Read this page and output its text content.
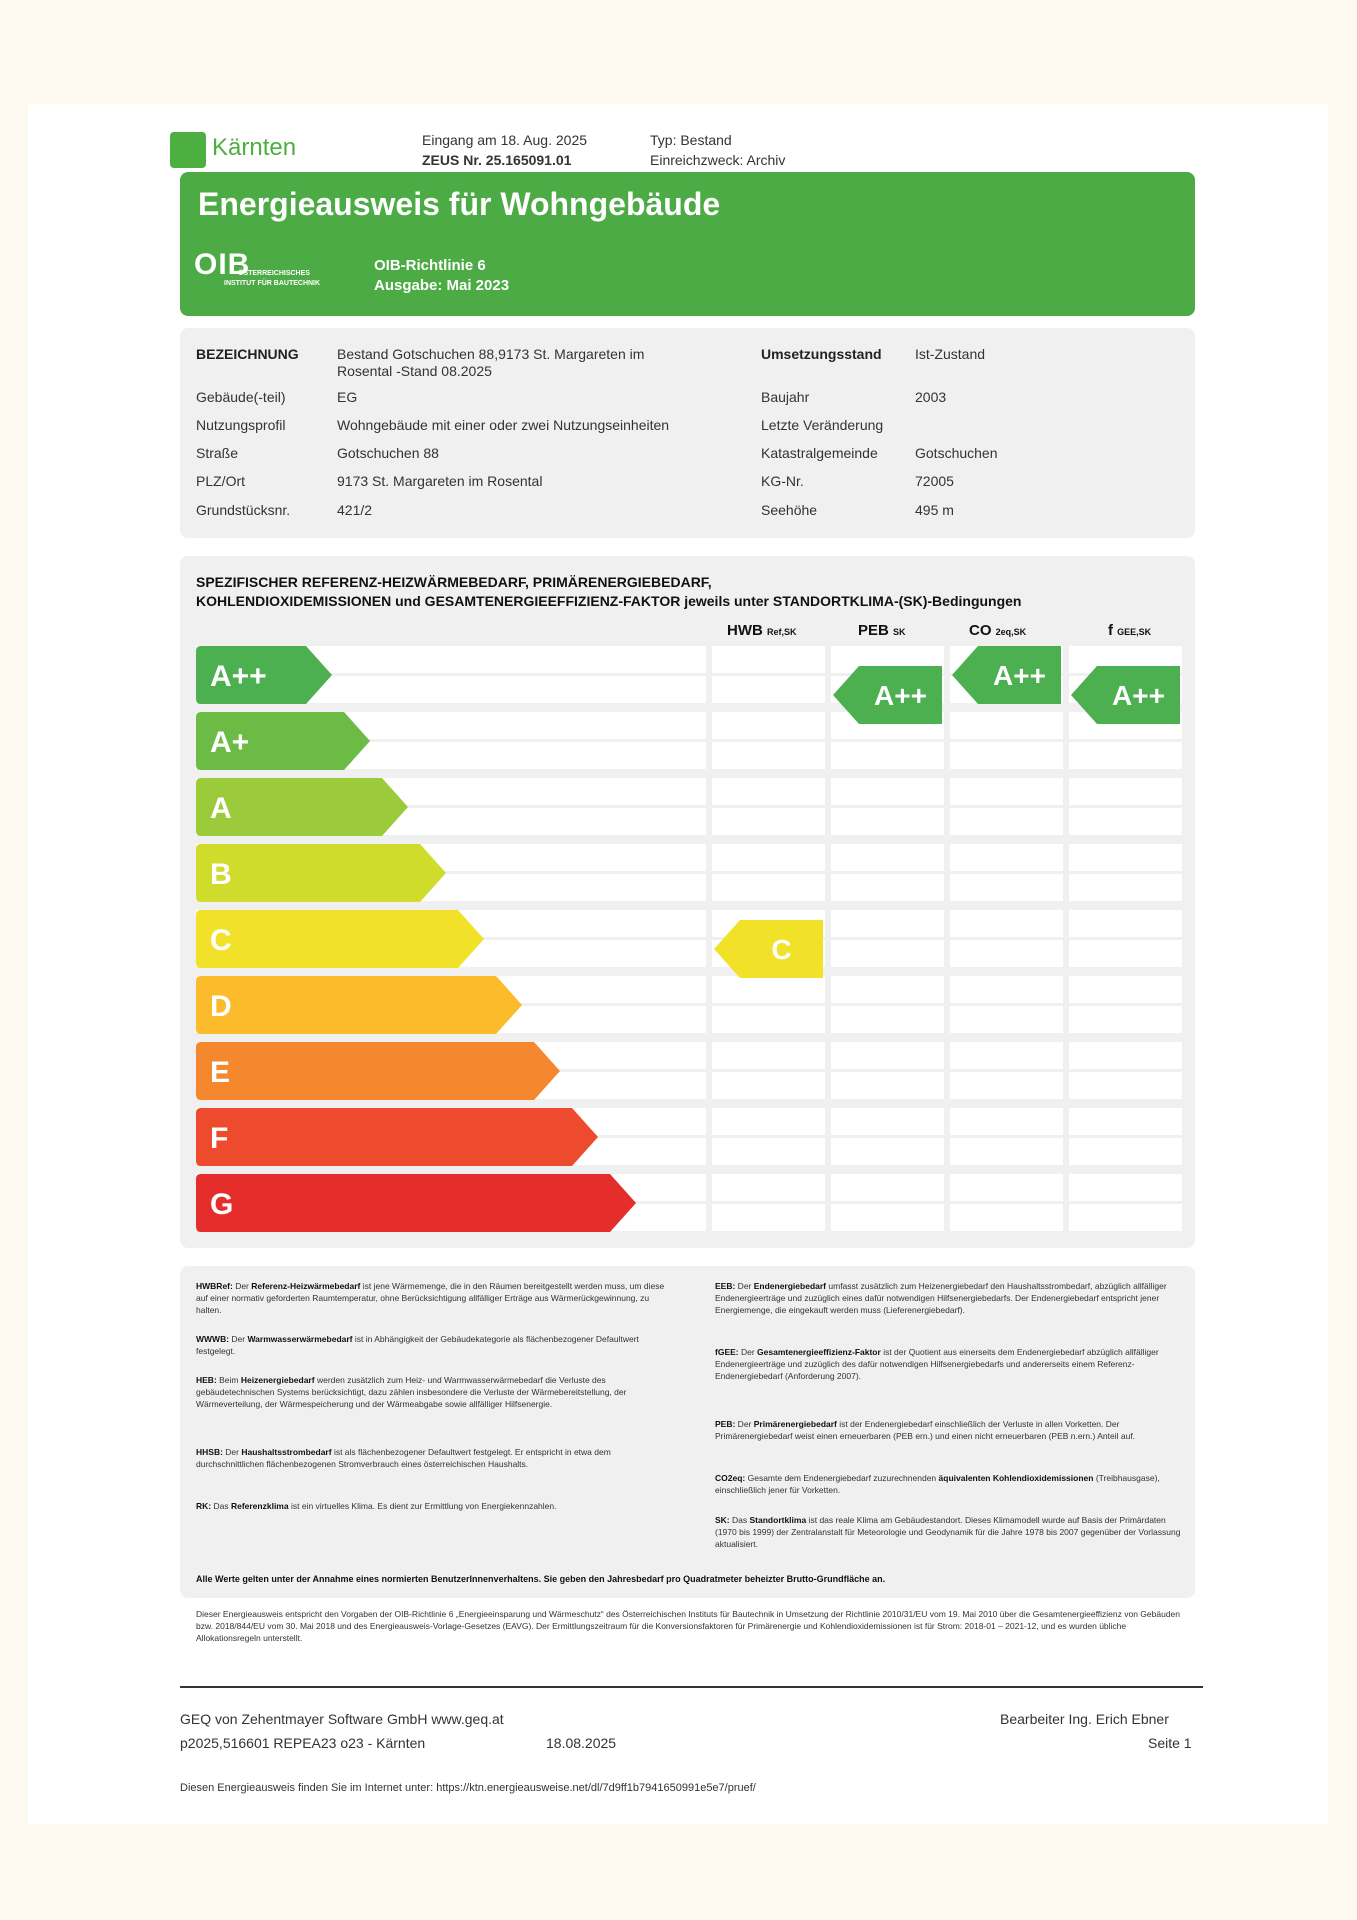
Kärnten	Eingang am 18. Aug. 2025
ZEUS Nr. 25.165091.01
Typ: Bestand
Einreichzweck: Archiv
Energieausweis für Wohngebäude
OIB
ÖSTERREICHISCHES
INSTITUT FÜR BAUTECHNIK
OIB-Richtlinie 6
Ausgabe: Mai 2023
BEZEICHNUNG	Bestand Gotschuchen 88,9173 St. Margareten im
Rosental -Stand 08.2025
Gebäude(-teil)	EG
Nutzungsprofil	Wohngebäude mit einer oder zwei Nutzungseinheiten
Straße	Gotschuchen 88
PLZ/Ort	9173 St. Margareten im Rosental
Grundstücksnr.	421/2
Umsetzungsstand Ist-Zustand
Baujahr	2003
Letzte Veränderung
Katastralgemeinde	Gotschuchen
KG-Nr.	72005
Seehöhe	495 m
SPEZIFISCHER REFERENZ-HEIZWÄRMEBEDARF, PRIMÄRENERGIEBEDARF,
KOHLENDIOXIDEMISSIONEN und GESAMTENERGIEEFFIZIENZ-FAKTOR jeweils unter STANDORTKLIMA-(SK)-Bedingungen
HWB Ref,SK	PEB SK	CO 2eq,SK	f GEE,SK
A++
A+
A
B
C
D
E
F
G
C
A++
A++
A++
HWBRef: Der Referenz-Heizwärmebedarf ist jene Wärmemenge, die in den Räumen bereitgestellt werden muss, um diese auf einer normativ geforderten Raumtemperatur, ohne Berücksichtigung allfälliger Erträge aus Wärmerückgewinnung, zu halten.
WWWB: Der Warmwasserwärmebedarf ist in Abhängigkeit der Gebäudekategorie als flächenbezogener Defaultwert festgelegt.
HEB: Beim Heizenergiebedarf werden zusätzlich zum Heiz- und Warmwasserwärmebedarf die Verluste des gebäudetechnischen Systems berücksichtigt, dazu zählen insbesondere die Verluste der Wärmebereitstellung, der Wärmeverteilung, der Wärmespeicherung und der Wärmeabgabe sowie allfälliger Hilfsenergie.
HHSB: Der Haushaltsstrombedarf ist als flächenbezogener Defaultwert festgelegt. Er entspricht in etwa dem durchschnittlichen flächenbezogenen Stromverbrauch eines österreichischen Haushalts.
RK: Das Referenzklima ist ein virtuelles Klima. Es dient zur Ermittlung von Energiekennzahlen.
EEB: Der Endenergiebedarf umfasst zusätzlich zum Heizenergiebedarf den Haushaltsstrombedarf, abzüglich allfälliger Endenergieerträge und zuzüglich eines dafür notwendigen Hilfsenergiebedarfs. Der Endenergiebedarf entspricht jener Energiemenge, die eingekauft werden muss (Lieferenergiebedarf).
fGEE: Der Gesamtenergieeffizienz-Faktor ist der Quotient aus einerseits dem Endenergiebedarf abzüglich allfälliger Endenergieerträge und zuzüglich des dafür notwendigen Hilfsenergiebedarfs und andererseits einem Referenz-Endenergiebedarf (Anforderung 2007).
PEB: Der Primärenergiebedarf ist der Endenergiebedarf einschließlich der Verluste in allen Vorketten. Der Primärenergiebedarf weist einen erneuerbaren (PEB ern.) und einen nicht erneuerbaren (PEB n.ern.) Anteil auf.
CO2eq: Gesamte dem Endenergiebedarf zuzurechnenden äquivalenten Kohlendioxidemissionen (Treibhausgase), einschließlich jener für Vorketten.
SK: Das Standortklima ist das reale Klima am Gebäudestandort. Dieses Klimamodell wurde auf Basis der Primärdaten (1970 bis 1999) der Zentralanstalt für Meteorologie und Geodynamik für die Jahre 1978 bis 2007 gegenüber der Vorlassung aktualisiert.
Alle Werte gelten unter der Annahme eines normierten BenutzerInnenverhaltens. Sie geben den Jahresbedarf pro Quadratmeter beheizter Brutto-Grundfläche an.
Dieser Energieausweis entspricht den Vorgaben der OIB-Richtlinie 6 „Energieeinsparung und Wärmeschutz“ des Österreichischen Instituts für Bautechnik in Umsetzung der Richtlinie 2010/31/EU vom 19. Mai 2010 über die Gesamtenergieeffizienz von Gebäuden bzw. 2018/844/EU vom 30. Mai 2018 und des Energieausweis-Vorlage-Gesetzes (EAVG). Der Ermittlungszeitraum für die Konversionsfaktoren für Primärenergie und Kohlendioxidemissionen ist für Strom: 2018-01 – 2021-12, und es wurden übliche Allokationsregeln unterstellt.
GEQ von Zehentmayer Software GmbH www.geq.at
p2025,516601 REPEA23 o23 - Kärnten	18.08.2025
Bearbeiter Ing. Erich Ebner
Seite 1
Diesen Energieausweis finden Sie im Internet unter: https://ktn.energieausweise.net/dl/7d9ff1b7941650991e5e7/pruef/
